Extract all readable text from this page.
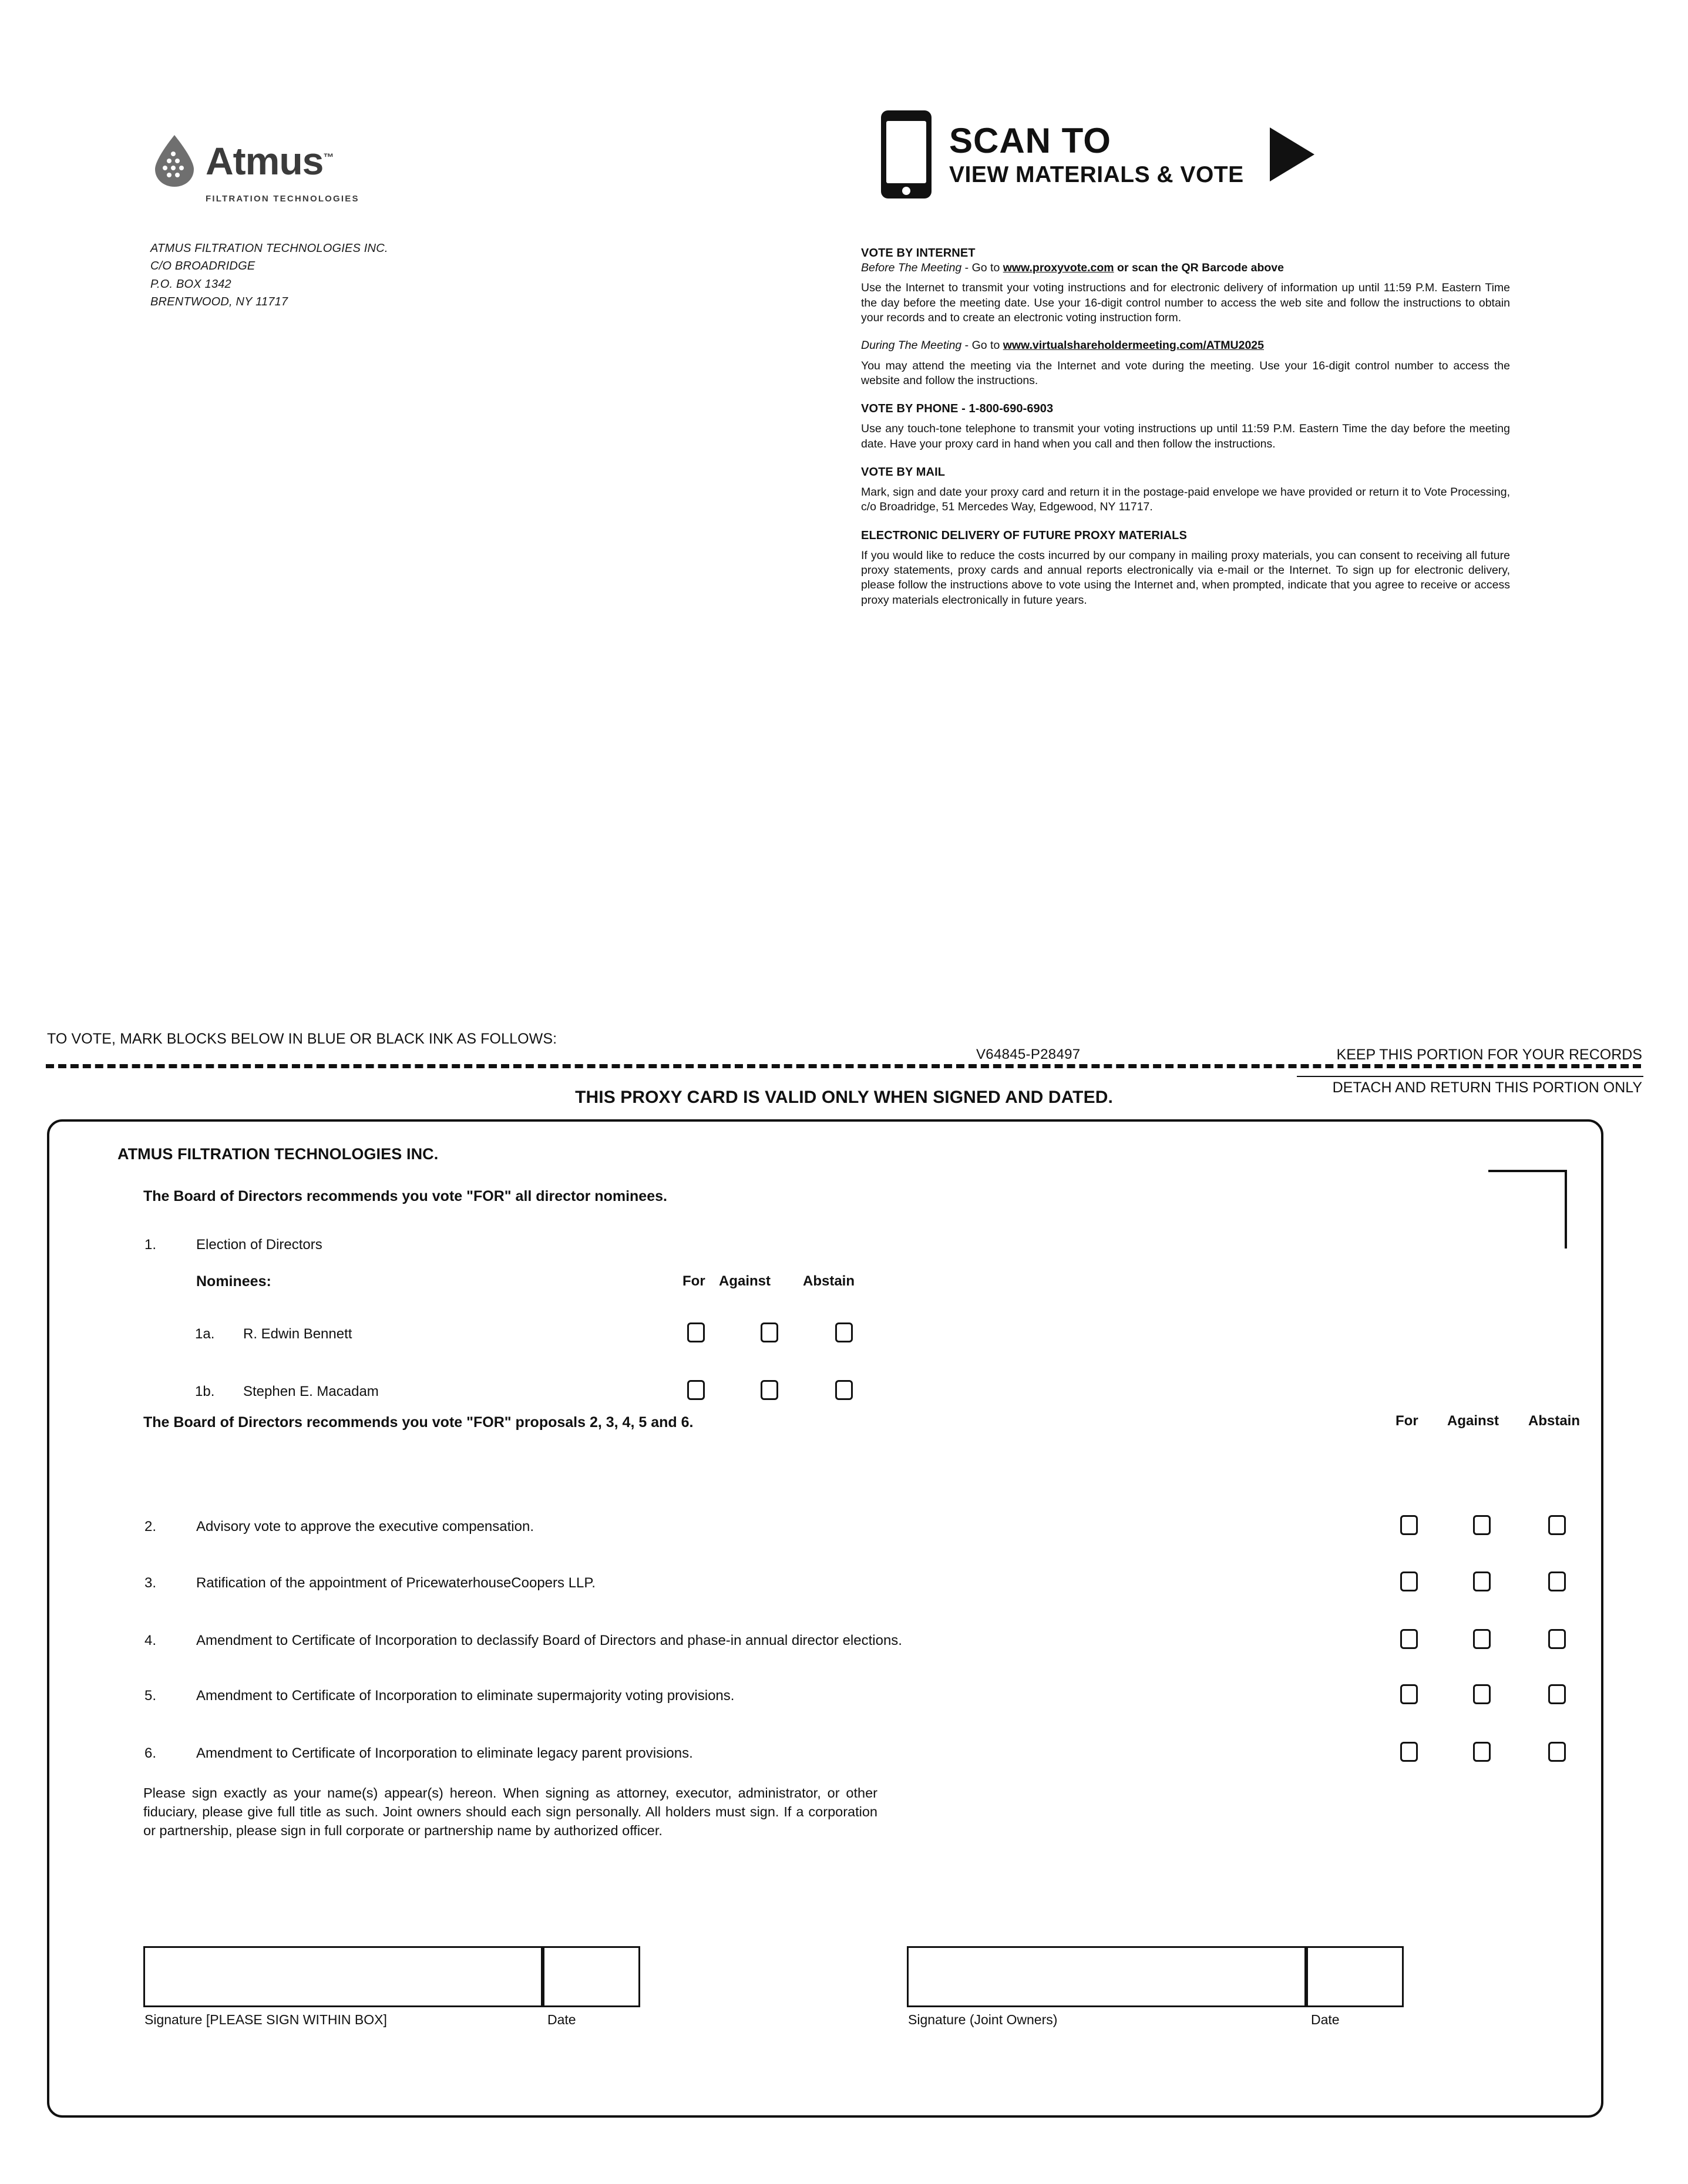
Atmus™
FILTRATION TECHNOLOGIES
ATMUS FILTRATION TECHNOLOGIES INC.
C/O BROADRIDGE
P.O. BOX 1342
BRENTWOOD, NY 11717
SCAN TO
VIEW MATERIALS & VOTE
VOTE BY INTERNET
Before The Meeting - Go to www.proxyvote.com or scan the QR Barcode above

Use the Internet to transmit your voting instructions and for electronic delivery of information up until 11:59 P.M. Eastern Time the day before the meeting date. Use your 16-digit control number to access the web site and follow the instructions to obtain your records and to create an electronic voting instruction form.

During The Meeting - Go to www.virtualshareholdermeeting.com/ATMU2025

You may attend the meeting via the Internet and vote during the meeting. Use your 16-digit control number to access the website and follow the instructions.

VOTE BY PHONE - 1-800-690-6903

Use any touch-tone telephone to transmit your voting instructions up until 11:59 P.M. Eastern Time the day before the meeting date. Have your proxy card in hand when you call and then follow the instructions.

VOTE BY MAIL

Mark, sign and date your proxy card and return it in the postage-paid envelope we have provided or return it to Vote Processing, c/o Broadridge, 51 Mercedes Way, Edgewood, NY 11717.

ELECTRONIC DELIVERY OF FUTURE PROXY MATERIALS

If you would like to reduce the costs incurred by our company in mailing proxy materials, you can consent to receiving all future proxy statements, proxy cards and annual reports electronically via e-mail or the Internet. To sign up for electronic delivery, please follow the instructions above to vote using the Internet and, when prompted, indicate that you agree to receive or access proxy materials electronically in future years.

TO VOTE, MARK BLOCKS BELOW IN BLUE OR BLACK INK AS FOLLOWS:
V64845-P28497	KEEP THIS PORTION FOR YOUR RECORDS
DETACH AND RETURN THIS PORTION ONLY
THIS PROXY CARD IS VALID ONLY WHEN SIGNED AND DATED.
ATMUS FILTRATION TECHNOLOGIES INC.
The Board of Directors recommends you vote "FOR" all director nominees.
1.	Election of Directors
Nominees:	For Against Abstain
1a. R. Edwin Bennett
1b. Stephen E. Macadam
The Board of Directors recommends you vote "FOR" proposals 2, 3, 4, 5 and 6.	For Against Abstain
2.	Advisory vote to approve the executive compensation.
3.	Ratification of the appointment of PricewaterhouseCoopers LLP.
4.	Amendment to Certificate of Incorporation to declassify Board of Directors and phase-in annual director elections.
5.	Amendment to Certificate of Incorporation to eliminate supermajority voting provisions.
6.	Amendment to Certificate of Incorporation to eliminate legacy parent provisions.
Please sign exactly as your name(s) appear(s) hereon. When signing as attorney, executor, administrator, or other fiduciary, please give full title as such. Joint owners should each sign personally. All holders must sign. If a corporation or partnership, please sign in full corporate or partnership name by authorized officer.
Signature [PLEASE SIGN WITHIN BOX]	Date	Signature (Joint Owners)	Date
